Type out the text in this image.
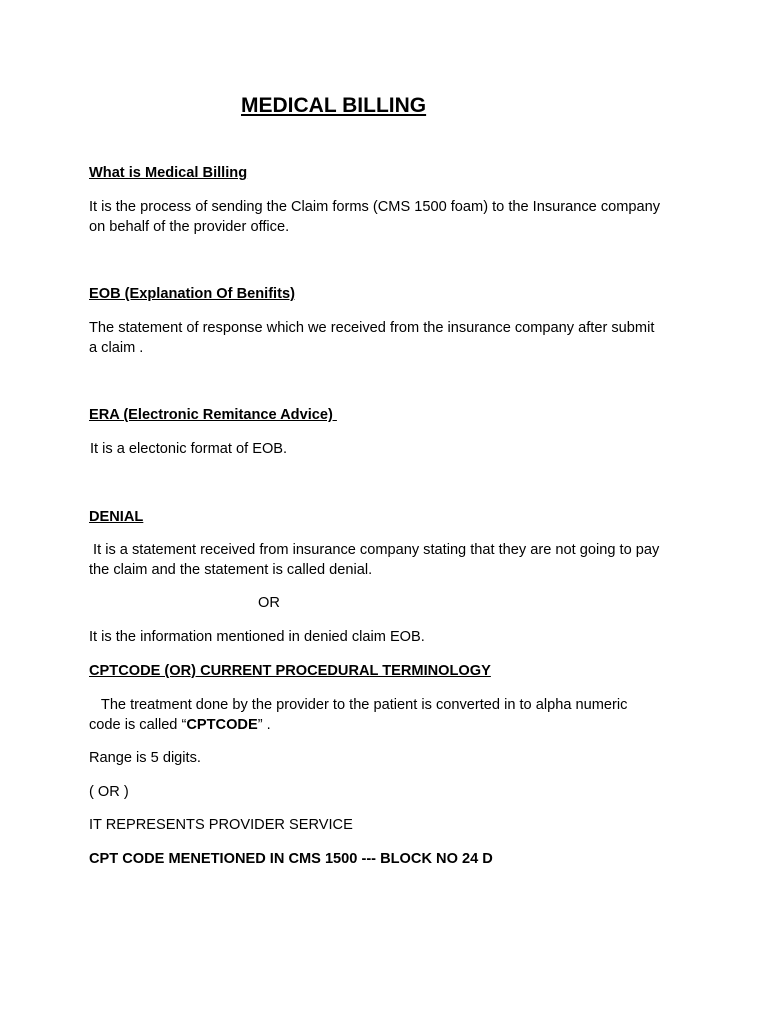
MEDICAL BILLING
What is Medical Billing
It is the process of sending the Claim forms (CMS 1500 foam) to the Insurance company
on behalf of the provider office.
EOB (Explanation Of Benifits)
The statement of response which we received from the insurance company after submit
a claim .
ERA (Electronic Remitance Advice)
It is a electonic format of EOB.
DENIAL
It is a statement received from insurance company stating that they are not going to pay
the claim and the statement is called denial.
OR
It is the information mentioned in denied claim EOB.
CPTCODE (OR) CURRENT PROCEDURAL TERMINOLOGY
The treatment done by the provider to the patient is converted in to alpha numeric
code is called “CPTCODE” .
Range is 5 digits.
( OR )
IT REPRESENTS PROVIDER SERVICE
CPT CODE MENETIONED IN CMS 1500 --- BLOCK NO 24 D
